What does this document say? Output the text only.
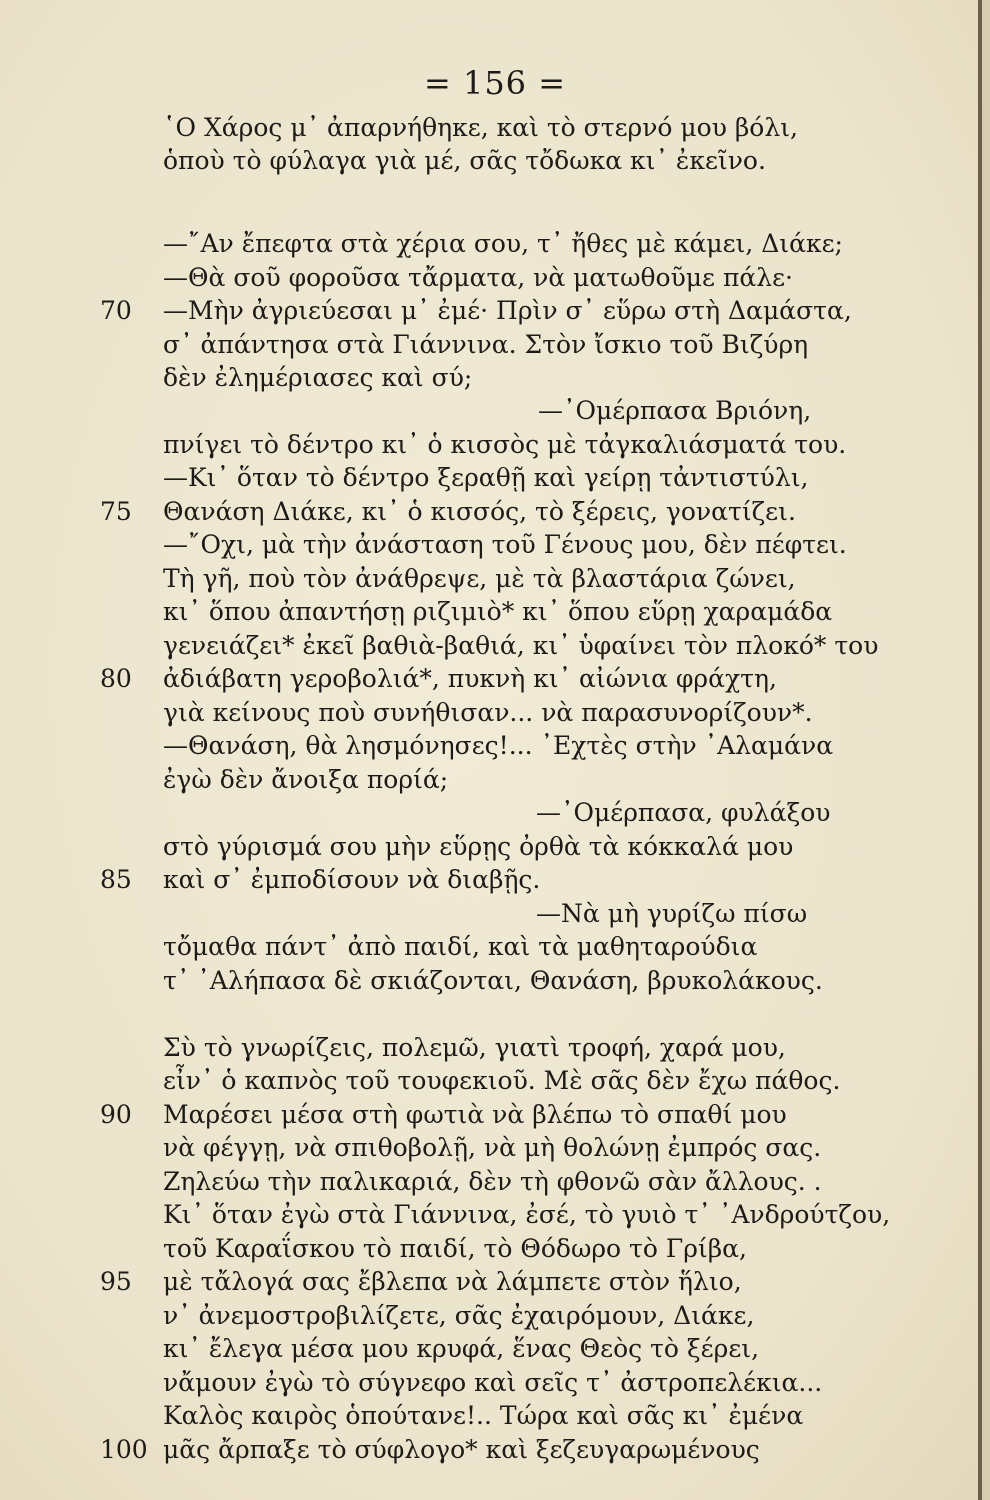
= 156 =
῾Ο Χάρος μ᾽ ἀπαρνήθηκε, καὶ τὸ στερνό μου βόλι,
ὁποὺ τὸ φύλαγα γιὰ μέ, σᾶς τὄδωκα κι᾽ ἐκεῖνο.
—῎Αν ἔπεφτα στὰ χέρια σου, τ᾽ ἤθες μὲ κάμει, Διάκε;
—Θὰ σοῦ φοροῦσα τἄρματα, νὰ ματωθοῦμε πάλε·
—Μὴν ἀγριεύεσαι μ᾽ ἐμέ· Πρὶν σ᾽ εὕρω στὴ Δαμάστα,
σ᾽ ἀπάντησα στὰ Γιάννινα. Στὸν ἴσκιο τοῦ Βιζύρη
δὲν ἐλημέριασες καὶ σύ;
—᾿Ομέρπασα Βριόνη,
πνίγει τὸ δέντρο κι᾽ ὁ κισσὸς μὲ τἀγκαλιάσματά του.
—Κι᾽ ὅταν τὸ δέντρο ξεραθῇ καὶ γείρῃ τἀντιστύλι,
Θανάση Διάκε, κι᾽ ὁ κισσός, τὸ ξέρεις, γονατίζει.
—῎Οχι, μὰ τὴν ἀνάσταση τοῦ Γένους μου, δὲν πέφτει.
Τὴ γῆ, ποὺ τὸν ἀνάθρεψε, μὲ τὰ βλαστάρια ζώνει,
κι᾽ ὅπου ἀπαντήσῃ ριζιμιὸ* κι᾽ ὅπου εὕρῃ χαραμάδα
γενειάζει* ἐκεῖ βαθιὰ-βαθιά, κι᾽ ὑφαίνει τὸν πλοκό* του
ἀδιάβατη γεροβολιά*, πυκνὴ κι᾽ αἰώνια φράχτη,
γιὰ κείνους ποὺ συνήθισαν... νὰ παρασυνορίζουν*.
—Θανάση, θὰ λησμόνησες!... ᾿Εχτὲς στὴν ᾿Αλαμάνα
ἐγὼ δὲν ἄνοιξα πορίά;
—᾿Ομέρπασα, φυλάξου
στὸ γύρισμά σου μὴν εὕρῃς ὀρθὰ τὰ κόκκαλά μου
καὶ σ᾽ ἐμποδίσουν νὰ διαβῇς.
—Νὰ μὴ γυρίζω πίσω
τὄμαθα πάντ᾽ ἀπὸ παιδί, καὶ τὰ μαθηταρούδια
τ᾽ ᾿Αλήπασα δὲ σκιάζονται, Θανάση, βρυκολάκους.
Σὺ τὸ γνωρίζεις, πολεμῶ, γιατὶ τροφή, χαρά μου,
εἶν᾽ ὁ καπνὸς τοῦ τουφεκιοῦ. Μὲ σᾶς δὲν ἔχω πάθος.
Μαρέσει μέσα στὴ φωτιὰ νὰ βλέπω τὸ σπαθί μου
νὰ φέγγῃ, νὰ σπιθοβολῇ, νὰ μὴ θολώνῃ ἐμπρός σας.
Ζηλεύω τὴν παλικαριά, δὲν τὴ φθονῶ σὰν ἄλλους. .
Κι᾽ ὅταν ἐγὼ στὰ Γιάννινα, ἐσέ, τὸ γυιὸ τ᾽ ᾿Ανδρούτζου,
τοῦ Καραΐσκου τὸ παιδί, τὸ Θόδωρο τὸ Γρίβα,
μὲ τἄλογά σας ἔβλεπα νὰ λάμπετε στὸν ἥλιο,
ν᾽ ἀνεμοστροβιλίζετε, σᾶς ἐχαιρόμουν, Διάκε,
κι᾽ ἔλεγα μέσα μου κρυφά, ἕνας Θεὸς τὸ ξέρει,
νἄμουν ἐγὼ τὸ σύγνεφο καὶ σεῖς τ᾽ ἀστροπελέκια...
Καλὸς καιρὸς ὁπούτανε!.. Τώρα καὶ σᾶς κι᾽ ἐμένα
μᾶς ἄρπαξε τὸ σύφλογο* καὶ ξεζευγαρωμένους
70
75
80
85
90
95
100
